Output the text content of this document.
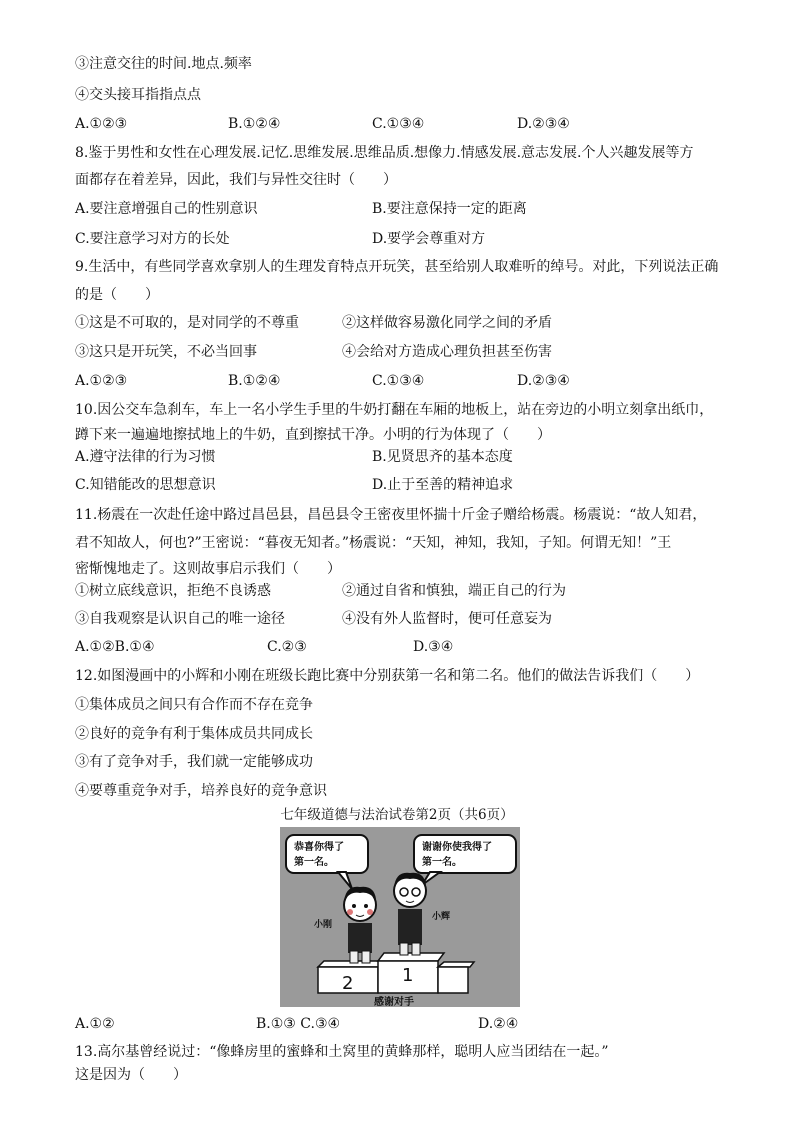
③注意交往的时间.地点.频率
④交头接耳指指点点
A.①②③	B.①②④	C.①③④	D.②③④
8.鉴于男性和女性在心理发展.记忆.思维发展.思维品质.想像力.情感发展.意志发展.个人兴趣发展等方
面都存在着差异，因此，我们与异性交往时（　　）
A.要注意增强自己的性别意识	B.要注意保持一定的距离
C.要注意学习对方的长处	D.要学会尊重对方
9.生活中，有些同学喜欢拿别人的生理发育特点开玩笑，甚至给别人取难听的绰号。对此，下列说法正确
的是（　　）
①这是不可取的，是对同学的不尊重	②这样做容易激化同学之间的矛盾
③这只是开玩笑，不必当回事	④会给对方造成心理负担甚至伤害
A.①②③	B.①②④	C.①③④	D.②③④
10.因公交车急刹车，车上一名小学生手里的牛奶打翻在车厢的地板上，站在旁边的小明立刻拿出纸巾，
蹲下来一遍遍地擦拭地上的牛奶，直到擦拭干净。小明的行为体现了（　　）
A.遵守法律的行为习惯	B.见贤思齐的基本态度
C.知错能改的思想意识	D.止于至善的精神追求
11.杨震在一次赴任途中路过昌邑县，昌邑县令王密夜里怀揣十斤金子赠给杨震。杨震说：“故人知君，
君不知故人，何也?”王密说：“暮夜无知者。”杨震说：“天知，神知，我知，子知。何谓无知！”王
密惭愧地走了。这则故事启示我们（　　）
①树立底线意识，拒绝不良诱惑	②通过自省和慎独，端正自己的行为
③自我观察是认识自己的唯一途径	④没有外人监督时，便可任意妄为
A.①②B.①④	C.②③	D.③④
12.如图漫画中的小辉和小刚在班级长跑比赛中分别获第一名和第二名。他们的做法告诉我们（　　）
①集体成员之间只有合作而不存在竞争
②良好的竞争有利于集体成员共同成长
③有了竞争对手，我们就一定能够成功
④要尊重竞争对手，培养良好的竞争意识
七年级道德与法治试卷第2页（共6页）
恭喜你得了
第一名。
谢谢你使我得了
第一名。
2	1
小刚
小辉
感谢对手
A.①②	B.①③ C.③④	D.②④
13.高尔基曾经说过：“像蜂房里的蜜蜂和土窝里的黄蜂那样，聪明人应当团结在一起。”
这是因为（　　）
